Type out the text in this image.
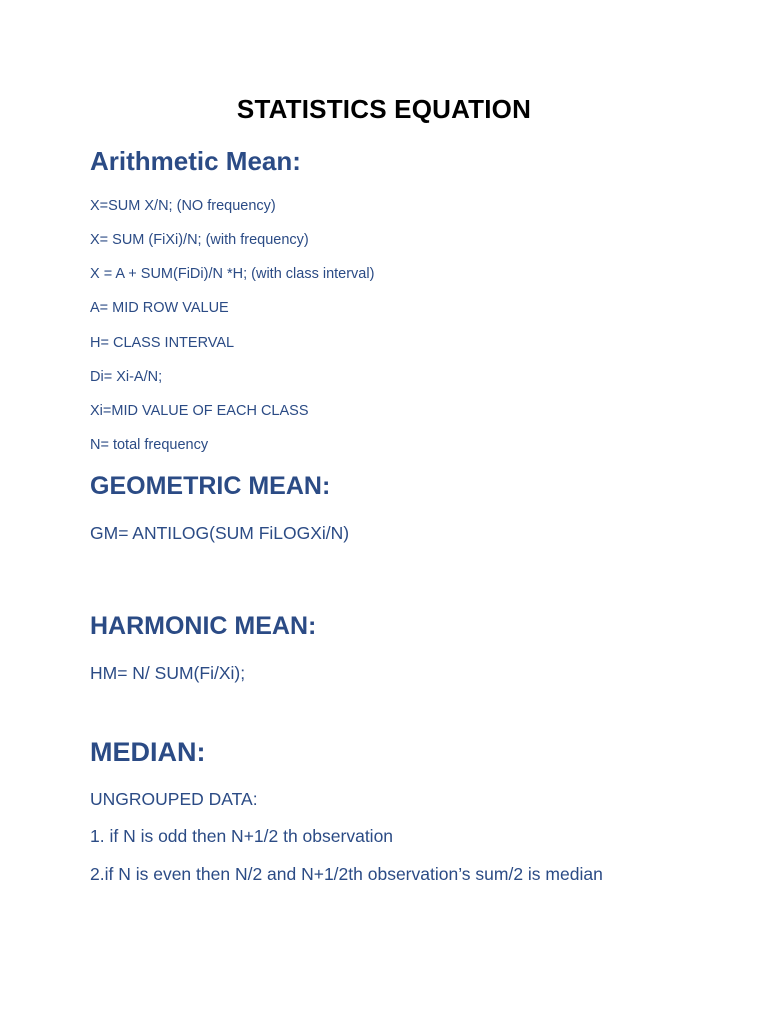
STATISTICS EQUATION
Arithmetic Mean:
X=SUM X/N; (NO frequency)
X= SUM (FiXi)/N; (with frequency)
X = A + SUM(FiDi)/N *H; (with class interval)
A= MID ROW VALUE
H= CLASS INTERVAL
Di= Xi-A/N;
Xi=MID VALUE OF EACH CLASS
N= total frequency
GEOMETRIC MEAN:
GM= ANTILOG(SUM FiLOGXi/N)
HARMONIC MEAN:
HM= N/ SUM(Fi/Xi);
MEDIAN:
UNGROUPED DATA:
1. if N is odd then N+1/2 th observation
2.if N is even then N/2 and N+1/2th observation’s sum/2 is median
